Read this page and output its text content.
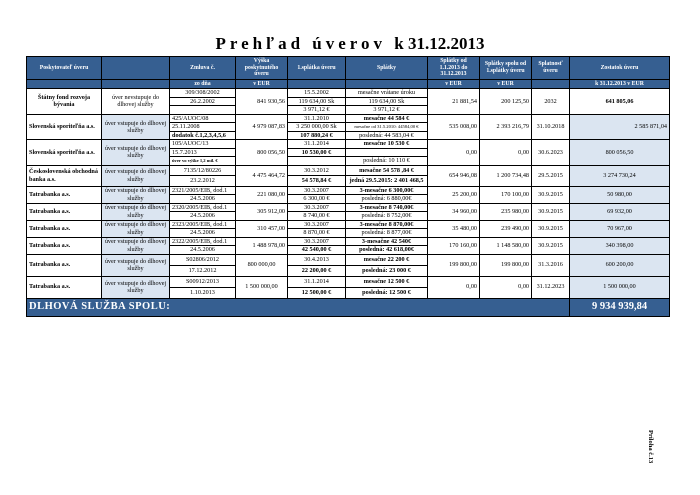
Prehľad úverov k 31.12.2013
Poskytovateľ úveru		Zmluva č.	Výška poskytnutého úveru	1.splátka úveru	Splátky	Splátky od 1.1.2013 do 31.12.2013	Splátky spolu od 1.splátky úveru	Splatnosť úveru	Zostatok úveru
		zo dňa	v EUR			v EUR	v EUR		k 31.12.2013 v EUR
Štátny fond rozvoja bývania	úver nevstupuje do dlhovej služby	309/308/2002	841 930,56	15.5.2002	mesačne vrátane úroku	21 881,54	200 125,50	2032	641 805,06
		26.2.2002		119 634,00 Sk	119 634,00 Sk				
				3 971,12 €	3 971,12 €				
Slovenská sporiteľňa a.s.	úver vstupuje do dlhovej služby	425/AUOC/08	4 979 087,83	31.1.2010	mesačne 44 584 €	535 008,00	2 393 216,79	31.10.2018	2 585 871,04
		25.11.2008		3 250 000,00 Sk	mesačne od 31.5.2010: 44584,00 €				
		dodatok č.1,2,3,4,5,6		107 880,24 €	posledná: 44 583,04 €				
Slovenská sporiteľňa a.s.	úver vstupuje do dlhovej služby	105/AUOC/13	800 056,50	31.1.2014	mesačne 10 530 €	0,00	0,00	30.6.2023	800 056,50
		15.7.2013		10 530,00 €					
		úver vo výške 1,2 mil. €			posledná: 10 110 €				
Československá obchodná banka a.s.	úver vstupuje do dlhovej služby	7135/12/80226	4 475 464,72	30.3.2012	mesačne 54 578 ,84 €	654 946,08	1 200 734,48	29.5.2015	3 274 730,24
		23.2.2012		54 578,84 €	jedná 29.5.2015: 2 401 468,5				
Tatrabanka a.s.	úver vstupuje do dlhovej služby	2321/2005/EIB, dod.1	221 080,00	30.3.2007	3-mesačne 6 300,00€	25 200,00	170 100,00	30.9.2015	50 980,00
		24.5.2006		6 300,00 €	posledná: 6 880,00€				
Tatrabanka a.s.	úver vstupuje do dlhovej služby	2320/2005/EIB, dod.1	305 912,00	30.3.2007	3-mesačne 8 740,00€	34 960,00	235 980,00	30.9.2015	69 932,00
		24.5.2006		8 740,00 €	posledná: 8 752,00€				
Tatrabanka a.s.	úver vstupuje do dlhovej služby	2323/2005/EIB, dod.1	310 457,00	30.3.2007	3-mesačne 8 870,00€	35 480,00	239 490,00	30.9.2015	70 967,00
		24.5.2006		8 870,00 €	posledná: 8 877,00€				
Tatrabanka a.s.	úver vstupuje do dlhovej služby	2322/2005/EIB, dod.1	1 488 978,00	30.3.2007	3-mesačne 42 540€	170 160,00	1 148 580,00	30.9.2015	340 398,00
		24.5.2006		42 540,00 €	posledná: 42 618,00€				
Tatrabanka a.s.	úver vstupuje do dlhovej služby	S02806/2012	800 000,00	30.4.2013	mesačne 22 200 €	199 800,00	199 800,00	31.3.2016	600 200,00
		17.12.2012		22 200,00 €	posledná: 23 000 €				
Tatrabanka a.s.	úver vstupuje do dlhovej služby	S00912/2013	1 500 000,00	31.1.2014	mesačne 12 500 €	0,00	0,00	31.12.2023	1 500 000,00
		1.10.2013		12 500,00 €	posledná: 12 500 €				
DLHOVÁ SLUŽBA SPOLU:									9 934 939,84
Príloha č.13
